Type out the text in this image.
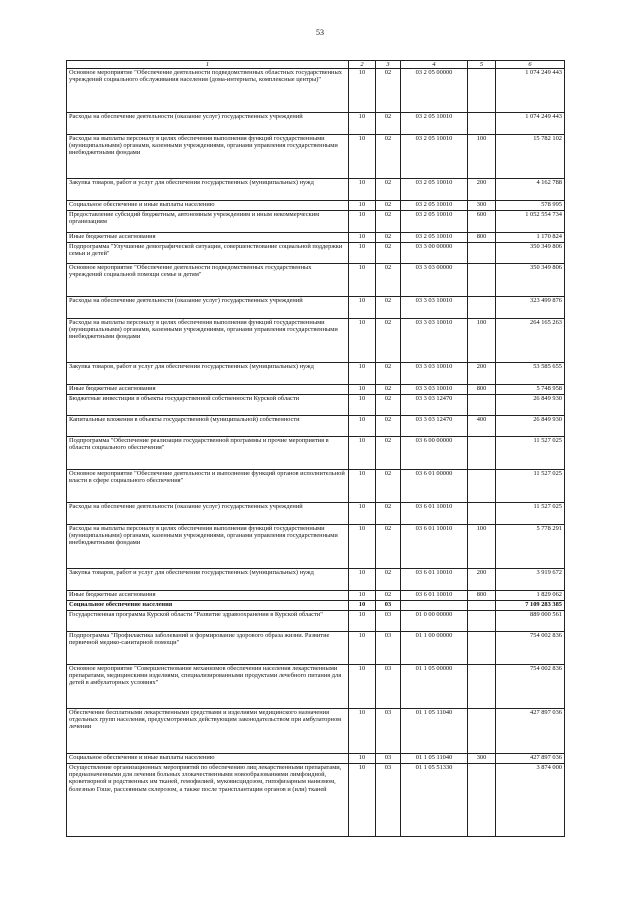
53
1	2	3	4	5	6
Основное мероприятие "Обеспечение деятельности подведомственных областных государственных учреждений социального обслуживания населения (дома-интернаты, комплексные центры)"	10	02	03 2 05 00000		1 074 249 443
Расходы на обеспечение деятельности (оказание услуг) государственных учреждений	10	02	03 2 05 10010		1 074 249 443
Расходы на выплаты персоналу в целях обеспечения выполнения функций государственными (муниципальными) органами, казенными учреждениями, органами управления государственными внебюджетными фондами	10	02	03 2 05 10010	100	15 782 102
Закупка товаров, работ и услуг для обеспечения государственных (муниципальных) нужд	10	02	03 2 05 10010	200	4 162 788
Социальное обеспечение и иные выплаты населению	10	02	03 2 05 10010	300	578 995
Предоставление субсидий бюджетным, автономным учреждениям и иным некоммерческим организациям	10	02	03 2 05 10010	600	1 052 554 734
Иные бюджетные ассигнования	10	02	03 2 05 10010	800	1 170 824
Подпрограмма "Улучшение демографической ситуации, совершенствование социальной поддержки семьи и детей"	10	02	03 3 00 00000		350 349 806
Основное мероприятие "Обеспечение деятельности подведомственных государственных учреждений социальной помощи семье и детям"	10	02	03 3 03 00000		350 349 806
Расходы на обеспечение деятельности (оказание услуг) государственных учреждений	10	02	03 3 03 10010		323 499 876
Расходы на выплаты персоналу в целях обеспечения выполнения функций государственными (муниципальными) органами, казенными учреждениями, органами управления государственными внебюджетными фондами	10	02	03 3 03 10010	100	264 165 263
Закупка товаров, работ и услуг для обеспечения государственных (муниципальных) нужд	10	02	03 3 03 10010	200	53 585 655
Иные бюджетные ассигнования	10	02	03 3 03 10010	800	5 748 958
Бюджетные инвестиции в объекты государственной собственности Курской области	10	02	03 3 03 12470		26 849 930
Капитальные вложения в объекты государственной (муниципальной) собственности	10	02	03 3 03 12470	400	26 849 930
Подпрограмма "Обеспечение реализации государственной программы и прочие мероприятия в области социального обеспечения"	10	02	03 6 00 00000		11 527 025
Основное мероприятие "Обеспечение деятельности и выполнение функций органов исполнительной власти в сфере социального обеспечения"	10	02	03 6 01 00000		11 527 025
Расходы на обеспечение деятельности (оказание услуг) государственных учреждений	10	02	03 6 01 10010		11 527 025
Расходы на выплаты персоналу в целях обеспечения выполнения функций государственными (муниципальными) органами, казенными учреждениями, органами управления государственными внебюджетными фондами	10	02	03 6 01 10010	100	5 778 291
Закупка товаров, работ и услуг для обеспечения государственных (муниципальных) нужд	10	02	03 6 01 10010	200	3 919 672
Иные бюджетные ассигнования	10	02	03 6 01 10010	800	1 829 062
Социальное обеспечение населения	10	03			7 109 283 385
Государственная программа Курской области "Развитие здравоохранения в Курской области"	10	03	01 0 00 00000		889 000 561
Подпрограмма "Профилактика заболеваний и формирование здорового образа жизни. Развитие первичной медико-санитарной помощи"	10	03	01 1 00 00000		754 002 836
Основное мероприятие "Совершенствование механизмов обеспечения населения лекарственными препаратами, медицинскими изделиями, специализированными продуктами лечебного питания для детей в амбулаторных условиях"	10	03	01 1 05 00000		754 002 836
Обеспечение бесплатными лекарственными средствами и изделиями медицинского назначения отдельных групп населения, предусмотренных действующим законодательством при амбулаторном лечении	10	03	01 1 05 11040		427 897 036
Социальное обеспечение и иные выплаты населению	10	03	01 1 05 11040	300	427 897 036
Осуществление организационных мероприятий по обеспечению лиц лекарственными препаратами, предназначенными для лечения больных злокачественными новообразованиями лимфоидной, кроветворной и родственных им тканей, гемофилией, муковисцидозом, гипофизарным нанизмом, болезнью Гоше, рассеянным склерозом, а также после трансплантации органов и (или) тканей	10	03	01 1 05 51330		3 874 000
